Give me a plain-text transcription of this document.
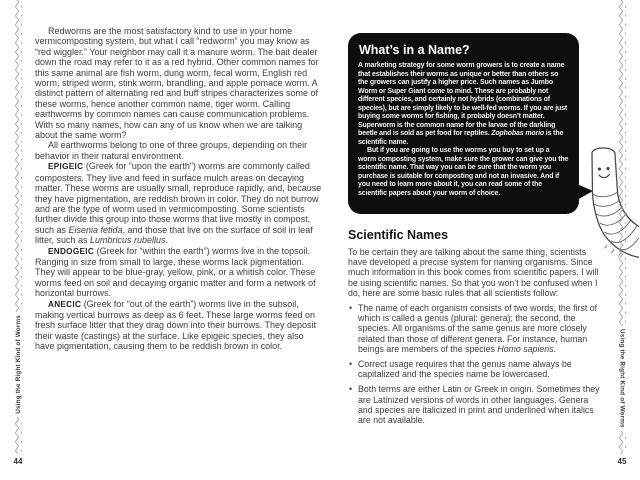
Using the Right Kind of Worms
44

Redworms are the most satisfactory kind to use in your home vermicomposting system, but what I call “redworm” you may know as “red wiggler.” Your neighbor may call it a manure worm. The bait dealer down the road may refer to it as a red hybrid. Other common names for this same animal are fish worm, dung worm, fecal worm, English red worm, striped worm, stink worm, brandling, and apple pomace worm. A distinct pattern of alternating red and buff stripes characterizes some of these worms, hence another common name, tiger worm. Calling earthworms by common names can cause communication problems. With so many names, how can any of us know when we are talking about the same worm?

All earthworms belong to one of three groups, depending on their behavior in their natural environment.

EPIGEIC (Greek for “upon the earth”) worms are commonly called composters. They live and feed in surface mulch areas on decaying matter. These worms are usually small, reproduce rapidly, and, because they have pigmentation, are reddish brown in color. They do not burrow and are the type of worm used in vermicomposting. Some scientists further divide this group into those worms that live mostly in compost, such as Eisenia fetida, and those that live on the surface of soil in leaf litter, such as Lumbricus rubellus.

ENDOGEIC (Greek for “within the earth”) worms live in the topsoil. Ranging in size from small to large, these worms lack pigmentation. They will appear to be blue-gray, yellow, pink, or a whitish color. These worms feed on soil and decaying organic matter and form a network of horizontal burrows.

ANECIC (Greek for “out of the earth”) worms live in the subsoil, making vertical burrows as deep as 6 feet. These large worms feed on fresh surface litter that they drag down into their burrows. They deposit their waste (castings) at the surface. Like epigeic species, they also have pigmentation, causing them to be reddish brown in color.

What’s in a Name?

A marketing strategy for some worm growers is to create a name that establishes their worms as unique or better than others so the growers can justify a higher price. Such names as Jumbo Worm or Super Giant come to mind. These are probably not different species, and certainly not hybrids (combinations of species), but are simply likely to be well-fed worms. If you are just buying some worms for fishing, it probably doesn’t matter. Superworm is the common name for the larvae of the darkling beetle and is sold as pet food for reptiles. Zophobas morio is the scientific name.

But if you are going to use the worms you buy to set up a worm composting system, make sure the grower can give you the scientific name. That way you can be sure that the worm you purchase is suitable for composting and not an invasive. And if you need to learn more about it, you can read some of the scientific papers about your worm of choice.

Scientific Names

To be certain they are talking about the same thing, scientists have developed a precise system for naming organisms. Since much information in this book comes from scientific papers, I will be using scientific names. So that you won’t be confused when I do, here are some basic rules that all scientists follow:

• The name of each organism consists of two words, the first of which is called a genus (plural: genera); the second, the species. All organisms of the same genus are more closely related than those of different genera. For instance, human beings are members of the species Homo sapiens.
• Correct usage requires that the genus name always be capitalized and the species name be lowercased.
• Both terms are either Latin or Greek in origin. Sometimes they are Latinized versions of words in other languages. Genera and species are italicized in print and underlined when italics are not available.	Using the Right Kind of Worms
45
